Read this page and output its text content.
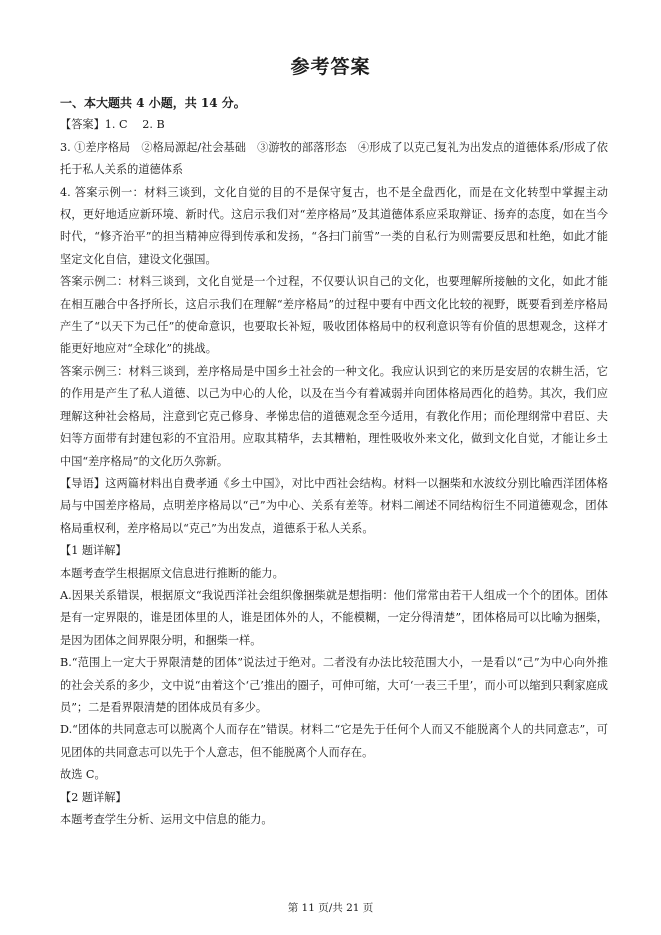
参考答案

一、本大题共 4 小题，共 14 分。

【答案】1. C　 2. B

3. ①差序格局　②格局源起/社会基础　③游牧的部落形态　④形成了以克己复礼为出发点的道德体系/形成了依托于私人关系的道德体系

4. 答案示例一：材料三谈到，文化自觉的目的不是保守复古，也不是全盘西化，而是在文化转型中掌握主动权，更好地适应新环境、新时代。这启示我们对“差序格局”及其道德体系应采取辩证、扬弃的态度，如在当今时代，“修齐治平”的担当精神应得到传承和发扬，“各扫门前雪”一类的自私行为则需要反思和杜绝，如此才能坚定文化自信，建设文化强国。

答案示例二：材料三谈到，文化自觉是一个过程，不仅要认识自己的文化，也要理解所接触的文化，如此才能在相互融合中各抒所长，这启示我们在理解“差序格局”的过程中要有中西文化比较的视野，既要看到差序格局产生了“以天下为己任”的使命意识，也要取长补短，吸收团体格局中的权利意识等有价值的思想观念，这样才能更好地应对“全球化”的挑战。

答案示例三：材料三谈到，差序格局是中国乡土社会的一种文化。我应认识到它的来历是安居的农耕生活，它的作用是产生了私人道德、以己为中心的人伦，以及在当今有着减弱并向团体格局西化的趋势。其次，我们应理解这种社会格局，注意到它克己修身、孝悌忠信的道德观念至今适用，有教化作用；而伦理纲常中君臣、夫妇等方面带有封建包彩的不宜沿用。应取其精华，去其糟粕，理性吸收外来文化，做到文化自觉，才能让乡土中国“差序格局”的文化历久弥新。

【导语】这两篇材料出自费孝通《乡土中国》，对比中西社会结构。材料一以捆柴和水波纹分别比喻西洋团体格局与中国差序格局，点明差序格局以“己”为中心、关系有差等。材料二阐述不同结构衍生不同道德观念，团体格局重权利，差序格局以“克己”为出发点，道德系于私人关系。

【1 题详解】

本题考查学生根据原文信息进行推断的能力。

A.因果关系错误，根据原文“我说西洋社会组织像捆柴就是想指明：他们常常由若干人组成一个个的团体。团体是有一定界限的，谁是团体里的人，谁是团体外的人，不能模糊，一定分得清楚”，团体格局可以比喻为捆柴，是因为团体之间界限分明，和捆柴一样。

B.“范围上一定大于界限清楚的团体”说法过于绝对。二者没有办法比较范围大小，一是看以“己”为中心向外推的社会关系的多少，文中说“由着这个‘己’推出的圈子，可伸可缩，大可‘一表三千里’，而小可以缩到只剩家庭成员”；二是看界限清楚的团体成员有多少。

D.“团体的共同意志可以脱离个人而存在”错误。材料二“它是先于任何个人而又不能脱离个人的共同意志”，可见团体的共同意志可以先于个人意志，但不能脱离个人而存在。

故选 C。

【2 题详解】

本题考查学生分析、运用文中信息的能力。

第 11 页/共 21 页
